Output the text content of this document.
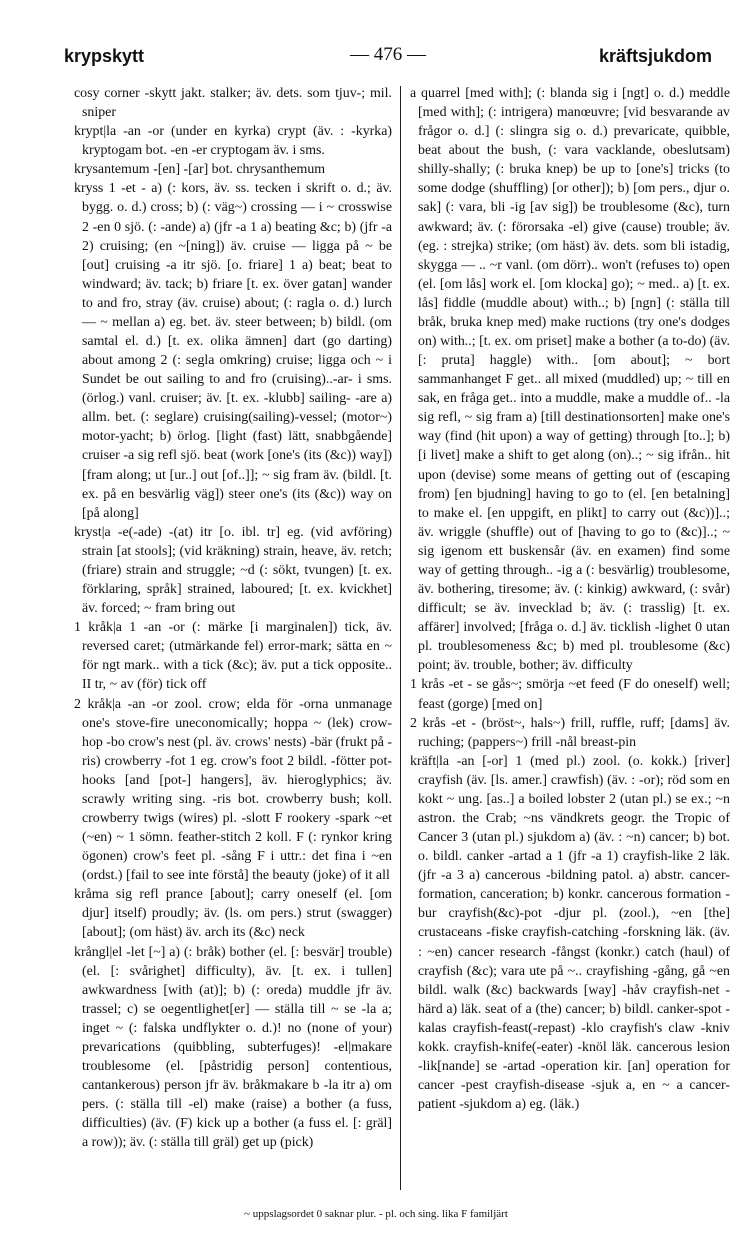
krypskytt	— 476 —	kräftsjukdom

cosy corner -skytt jakt. stalker; äv. dets. som tjuv-; mil. sniper

krypt|la -an -or (under en kyrka) crypt (äv. : -kyrka) kryptogam bot. -en -er cryptogam äv. i sms.

krysantemum -[en] -[ar] bot. chrysanthemum

kryss 1 -et - a) (: kors, äv. ss. tecken i skrift o. d.; äv. bygg. o. d.) cross; b) (: väg~) crossing — i ~ crosswise 2 -en 0 sjö. (: -ande) a) (jfr -a 1 a) beating &c; b) (jfr -a 2) cruising; (en ~[ning]) äv. cruise — ligga på ~ be [out] cruising -a itr sjö. [o. friare] 1 a) beat; beat to windward; äv. tack; b) friare [t. ex. över gatan] wander to and fro, stray (äv. cruise) about; (: ragla o. d.) lurch — ~ mellan a) eg. bet. äv. steer between; b) bildl. (om samtal el. d.) [t. ex. olika ämnen] dart (go darting) about among 2 (: segla omkring) cruise; ligga och ~ i Sundet be out sailing to and fro (cruising)..-ar- i sms. (örlog.) vanl. cruiser; äv. [t. ex. -klubb] sailing- -are a) allm. bet. (: seglare) cruising(sailing)-vessel; (motor~) motor-yacht; b) örlog. [light (fast) lätt, snabbgående] cruiser -a sig refl sjö. beat (work [one's (its (&c)) way]) [fram along; ut [ur..] out [of..]]; ~ sig fram äv. (bildl. [t. ex. på en besvärlig väg]) steer one's (its (&c)) way on [på along]

kryst|a -e(-ade) -(at) itr [o. ibl. tr] eg. (vid avföring) strain [at stools]; (vid kräkning) strain, heave, äv. retch; (friare) strain and struggle; ~d (: sökt, tvungen) [t. ex. förklaring, språk] strained, laboured; [t. ex. kvickhet] äv. forced; ~ fram bring out

1 kråk|a 1 -an -or (: märke [i marginalen]) tick, äv. reversed caret; (utmärkande fel) error-mark; sätta en ~ för ngt mark.. with a tick (&c); äv. put a tick opposite.. II tr, ~ av (för) tick off

2 kråk|a -an -or zool. crow; elda för -orna unmanage one's stove-fire uneconomically; hoppa ~ (lek) crow-hop -bo crow's nest (pl. äv. crows' nests) -bär (frukt på -ris) crowberry -fot 1 eg. crow's foot 2 bildl. -fötter pot-hooks [and [pot-] hangers], äv. hieroglyphics; äv. scrawly writing sing. -ris bot. crowberry bush; koll. crowberry twigs (wires) pl. -slott F rookery -spark ~et (~en) ~ 1 sömn. feather-stitch 2 koll. F (: rynkor kring ögonen) crow's feet pl. -sång F i uttr.: det fina i ~en (ordst.) [fail to see inte förstå] the beauty (joke) of it all

kråma sig refl prance [about]; carry oneself (el. [om djur] itself) proudly; äv. (ls. om pers.) strut (swagger) [about]; (om häst) äv. arch its (&c) neck

krångl|el -let [~] a) (: bråk) bother (el. [: besvär] trouble) (el. [: svårighet] difficulty), äv. [t. ex. i tullen] awkwardness [with (at)]; b) (: oreda) muddle jfr äv. trassel; c) se oegentlighet[er] — ställa till ~ se -la a; inget ~ (: falska undflykter o. d.)! no (none of your) prevarications (quibbling, subterfuges)! -el|makare troublesome (el. [påstridig person] contentious, cantankerous) person jfr äv. bråkmakare b -la itr a) om pers. (: ställa till -el) make (raise) a bother (a fuss, difficulties) (äv. (F) kick up a bother (a fuss el. [: gräl] a row)); äv. (: ställa till gräl) get up (pick)

a quarrel [med with]; (: blanda sig i [ngt] o. d.) meddle [med with]; (: intrigera) manœuvre; [vid besvarande av frågor o. d.] (: slingra sig o. d.) prevaricate, quibble, beat about the bush, (: vara vacklande, obeslutsam) shilly-shally; (: bruka knep) be up to [one's] tricks (to some dodge (shuffling) [or other]); b) [om pers., djur o. sak] (: vara, bli -ig [av sig]) be troublesome (&c), turn awkward; äv. (: förorsaka -el) give (cause) trouble; äv. (eg. : strejka) strike; (om häst) äv. dets. som bli istadig, skygga — .. ~r vanl. (om dörr).. won't (refuses to) open (el. [om lås] work el. [om klocka] go); ~ med.. a) [t. ex. lås] fiddle (muddle about) with..; b) [ngn] (: ställa till bråk, bruka knep med) make ructions (try one's dodges on) with..; [t. ex. om priset] make a bother (a to-do) (äv. [: pruta] haggle) with.. [om about]; ~ bort sammanhanget F get.. all mixed (muddled) up; ~ till en sak, en fråga get.. into a muddle, make a muddle of.. -la sig refl, ~ sig fram a) [till destinationsorten] make one's way (find (hit upon) a way of getting) through [to..]; b) [i livet] make a shift to get along (on)..; ~ sig ifrån.. hit upon (devise) some means of getting out of (escaping from) [en bjudning] having to go to (el. [en betalning] to make el. [en uppgift, en plikt] to carry out (&c))]..; äv. wriggle (shuffle) out of [having to go to (&c)]..; ~ sig igenom ett buskensår (äv. en examen) find some way of getting through.. -ig a (: besvärlig) troublesome, äv. bothering, tiresome; äv. (: kinkig) awkward, (: svår) difficult; se äv. invecklad b; äv. (: trasslig) [t. ex. affärer] involved; [fråga o. d.] äv. ticklish -lighet 0 utan pl. troublesomeness &c; b) med pl. troublesome (&c) point; äv. trouble, bother; äv. difficulty

1 krås -et - se gås~; smörja ~et feed (F do oneself) well; feast (gorge) [med on]

2 krås -et - (bröst~, hals~) frill, ruffle, ruff; [dams] äv. ruching; (pappers~) frill -nål breast-pin

kräft|la -an [-or] 1 (med pl.) zool. (o. kokk.) [river] crayfish (äv. [ls. amer.] crawfish) (äv. : -or); röd som en kokt ~ ung. [as..] a boiled lobster 2 (utan pl.) se ex.; ~n astron. the Crab; ~ns vändkrets geogr. the Tropic of Cancer 3 (utan pl.) sjukdom a) (äv. : ~n) cancer; b) bot. o. bildl. canker -artad a 1 (jfr -a 1) crayfish-like 2 läk. (jfr -a 3 a) cancerous -bildning patol. a) abstr. cancer-formation, canceration; b) konkr. cancerous formation -bur crayfish(&c)-pot -djur pl. (zool.), ~en [the] crustaceans -fiske crayfish-catching -forskning läk. (äv. : ~en) cancer research -fångst (konkr.) catch (haul) of crayfish (&c); vara ute på ~.. crayfishing -gång, gå ~en bildl. walk (&c) backwards [way] -håv crayfish-net -härd a) läk. seat of a (the) cancer; b) bildl. canker-spot -kalas crayfish-feast(-repast) -klo crayfish's claw -kniv kokk. crayfish-knife(-eater) -knöl läk. cancerous lesion -lik[nande] se -artad -operation kir. [an] operation for cancer -pest crayfish-disease -sjuk a, en ~ a cancer-patient -sjukdom a) eg. (läk.)

~ uppslagsordet 0 saknar plur. - pl. och sing. lika F familjärt
